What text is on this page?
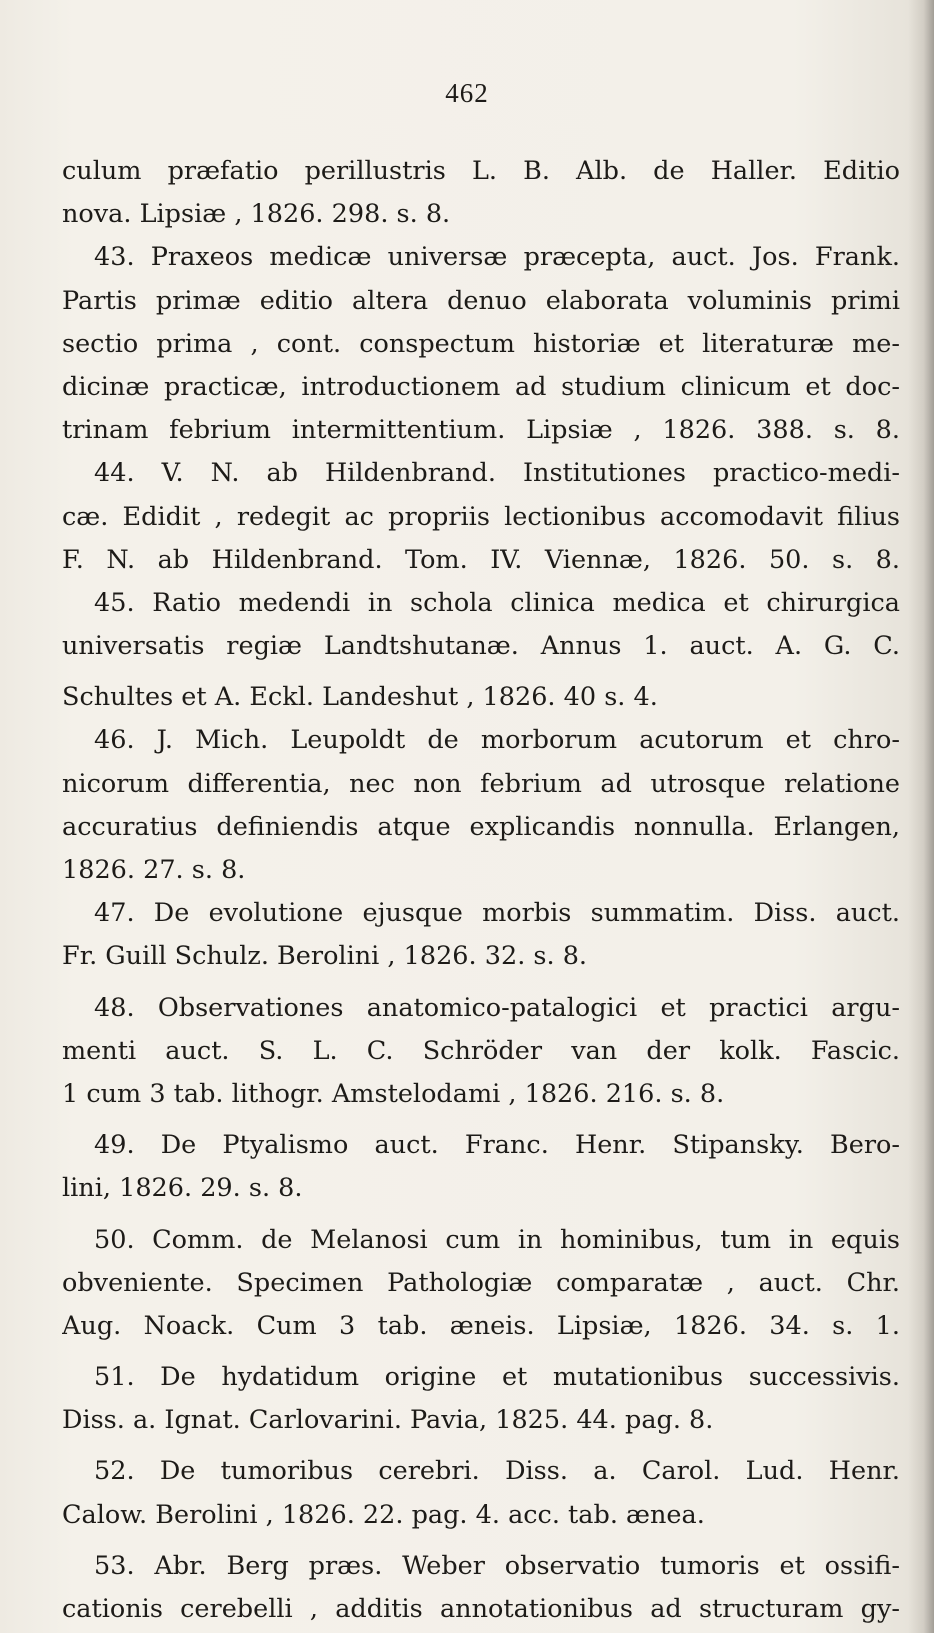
462
culum præfatio perillustris L. B. Alb. de Haller. Editio
nova. Lipsiæ , 1826. 298. s. 8.
43. Praxeos medicæ universæ præcepta, auct. Jos. Frank.
Partis primæ editio altera denuo elaborata voluminis primi
sectio prima , cont. conspectum historiæ et literaturæ me-
dicinæ practicæ, introductionem ad studium clinicum et doc-
trinam febrium intermittentium. Lipsiæ , 1826. 388. s. 8.
44. V. N. ab Hildenbrand. Institutiones practico-medi-
cæ. Edidit , redegit ac propriis lectionibus accomodavit filius
F. N. ab Hildenbrand. Tom. IV. Viennæ, 1826. 50. s. 8.
45. Ratio medendi in schola clinica medica et chirurgica
universatis regiæ Landtshutanæ. Annus 1. auct. A. G. C.
Schultes et A. Eckl. Landeshut , 1826. 40 s. 4.
46. J. Mich. Leupoldt de morborum acutorum et chro-
nicorum differentia, nec non febrium ad utrosque relatione
accuratius definiendis atque explicandis nonnulla. Erlangen,
1826. 27. s. 8.
47. De evolutione ejusque morbis summatim. Diss. auct.
Fr. Guill Schulz. Berolini , 1826. 32. s. 8.
48. Observationes anatomico-patalogici et practici argu-
menti auct. S. L. C. Schröder van der kolk. Fascic.
1 cum 3 tab. lithogr. Amstelodami , 1826. 216. s. 8.
49. De Ptyalismo auct. Franc. Henr. Stipansky. Bero-
lini, 1826. 29. s. 8.
50. Comm. de Melanosi cum in hominibus, tum in equis
obveniente. Specimen Pathologiæ comparatæ , auct. Chr.
Aug. Noack. Cum 3 tab. æneis. Lipsiæ, 1826. 34. s. 1.
51. De hydatidum origine et mutationibus successivis.
Diss. a. Ignat. Carlovarini. Pavia, 1825. 44. pag. 8.
52. De tumoribus cerebri. Diss. a. Carol. Lud. Henr.
Calow. Berolini , 1826. 22. pag. 4. acc. tab. ænea.
53. Abr. Berg præs. Weber observatio tumoris et ossifi-
cationis cerebelli , additis annotationibus ad structuram gy-
